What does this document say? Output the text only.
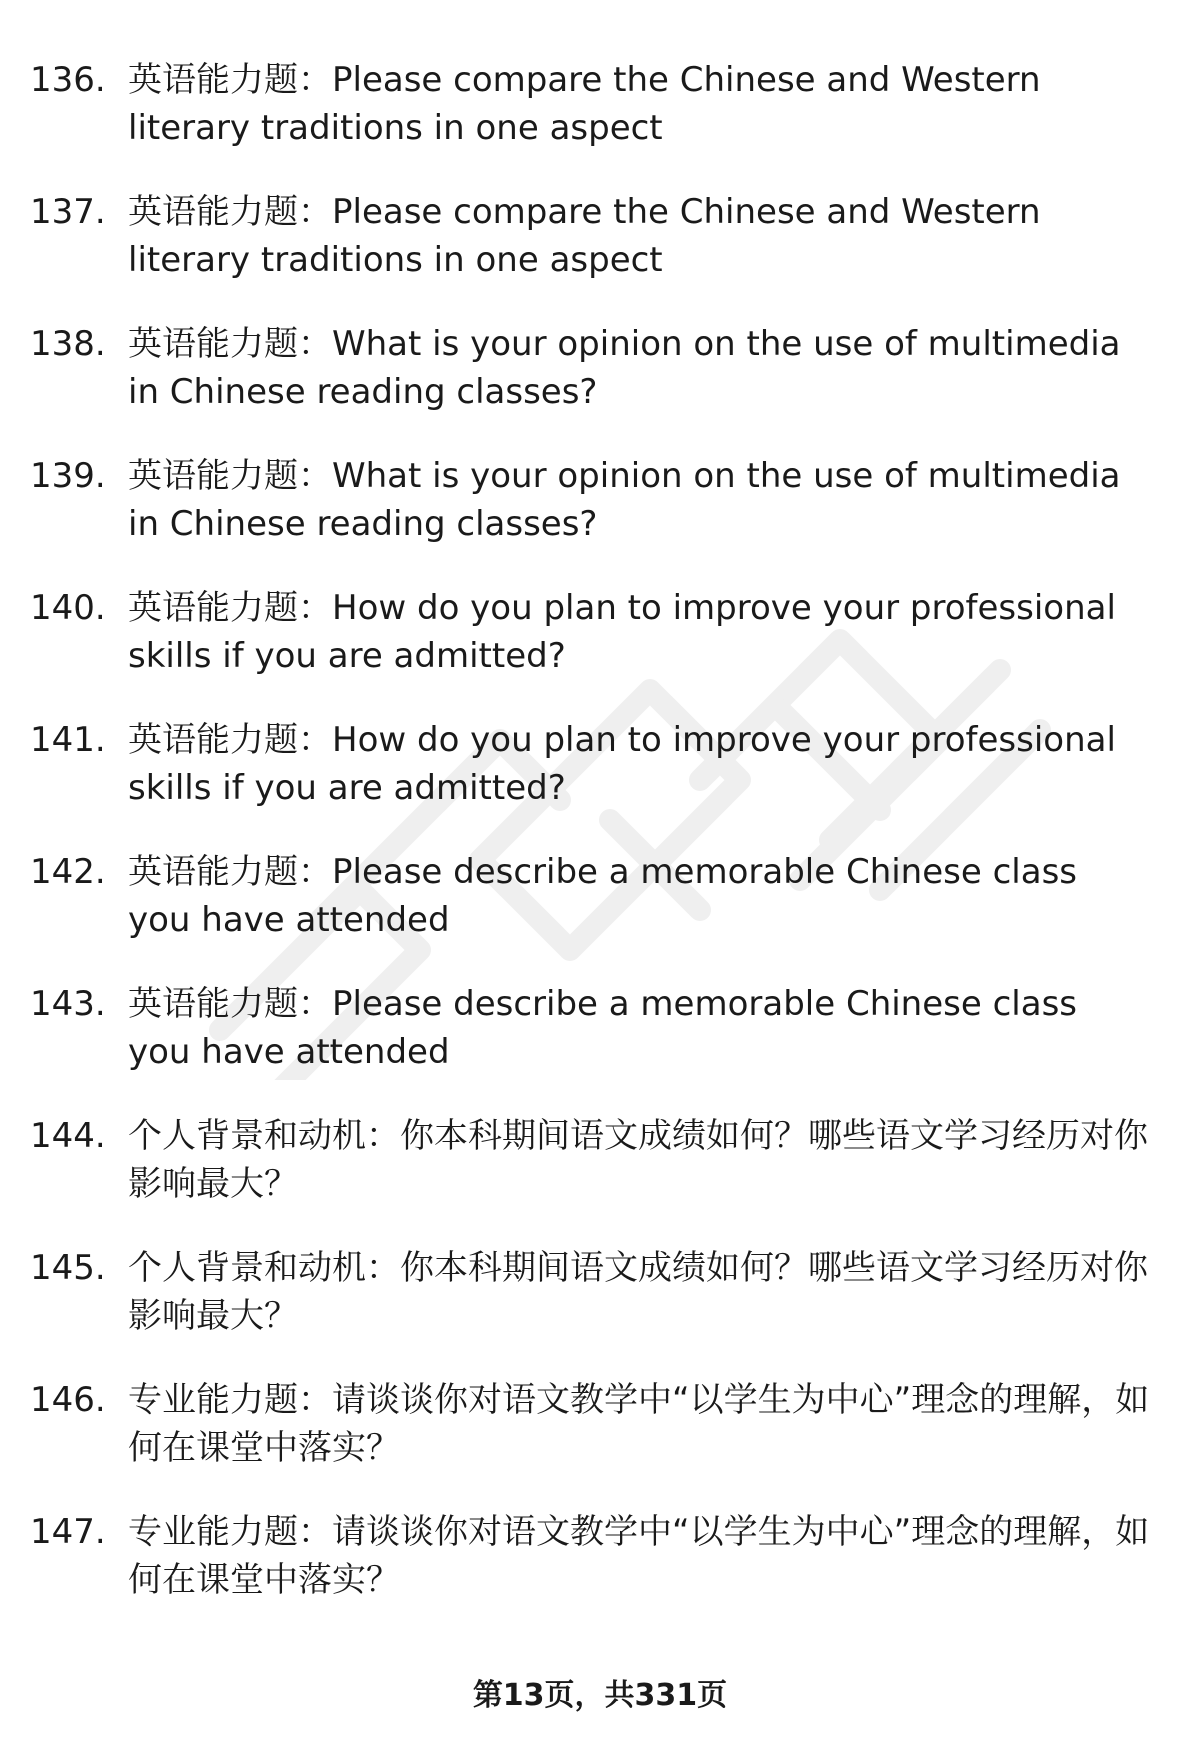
136. 英语能力题：Please compare the Chinese and Western literary traditions in one aspect
137. 英语能力题：Please compare the Chinese and Western literary traditions in one aspect
138. 英语能力题：What is your opinion on the use of multimedia in Chinese reading classes?
139. 英语能力题：What is your opinion on the use of multimedia in Chinese reading classes?
140. 英语能力题：How do you plan to improve your professional skills if you are admitted?
141. 英语能力题：How do you plan to improve your professional skills if you are admitted?
142. 英语能力题：Please describe a memorable Chinese class you have attended
143. 英语能力题：Please describe a memorable Chinese class you have attended
144. 个人背景和动机：你本科期间语文成绩如何？哪些语文学习经历对你影响最大？
145. 个人背景和动机：你本科期间语文成绩如何？哪些语文学习经历对你影响最大？
146. 专业能力题：请谈谈你对语文教学中“以学生为中心”理念的理解，如何在课堂中落实？
147. 专业能力题：请谈谈你对语文教学中“以学生为中心”理念的理解，如何在课堂中落实？
第13页，共331页
